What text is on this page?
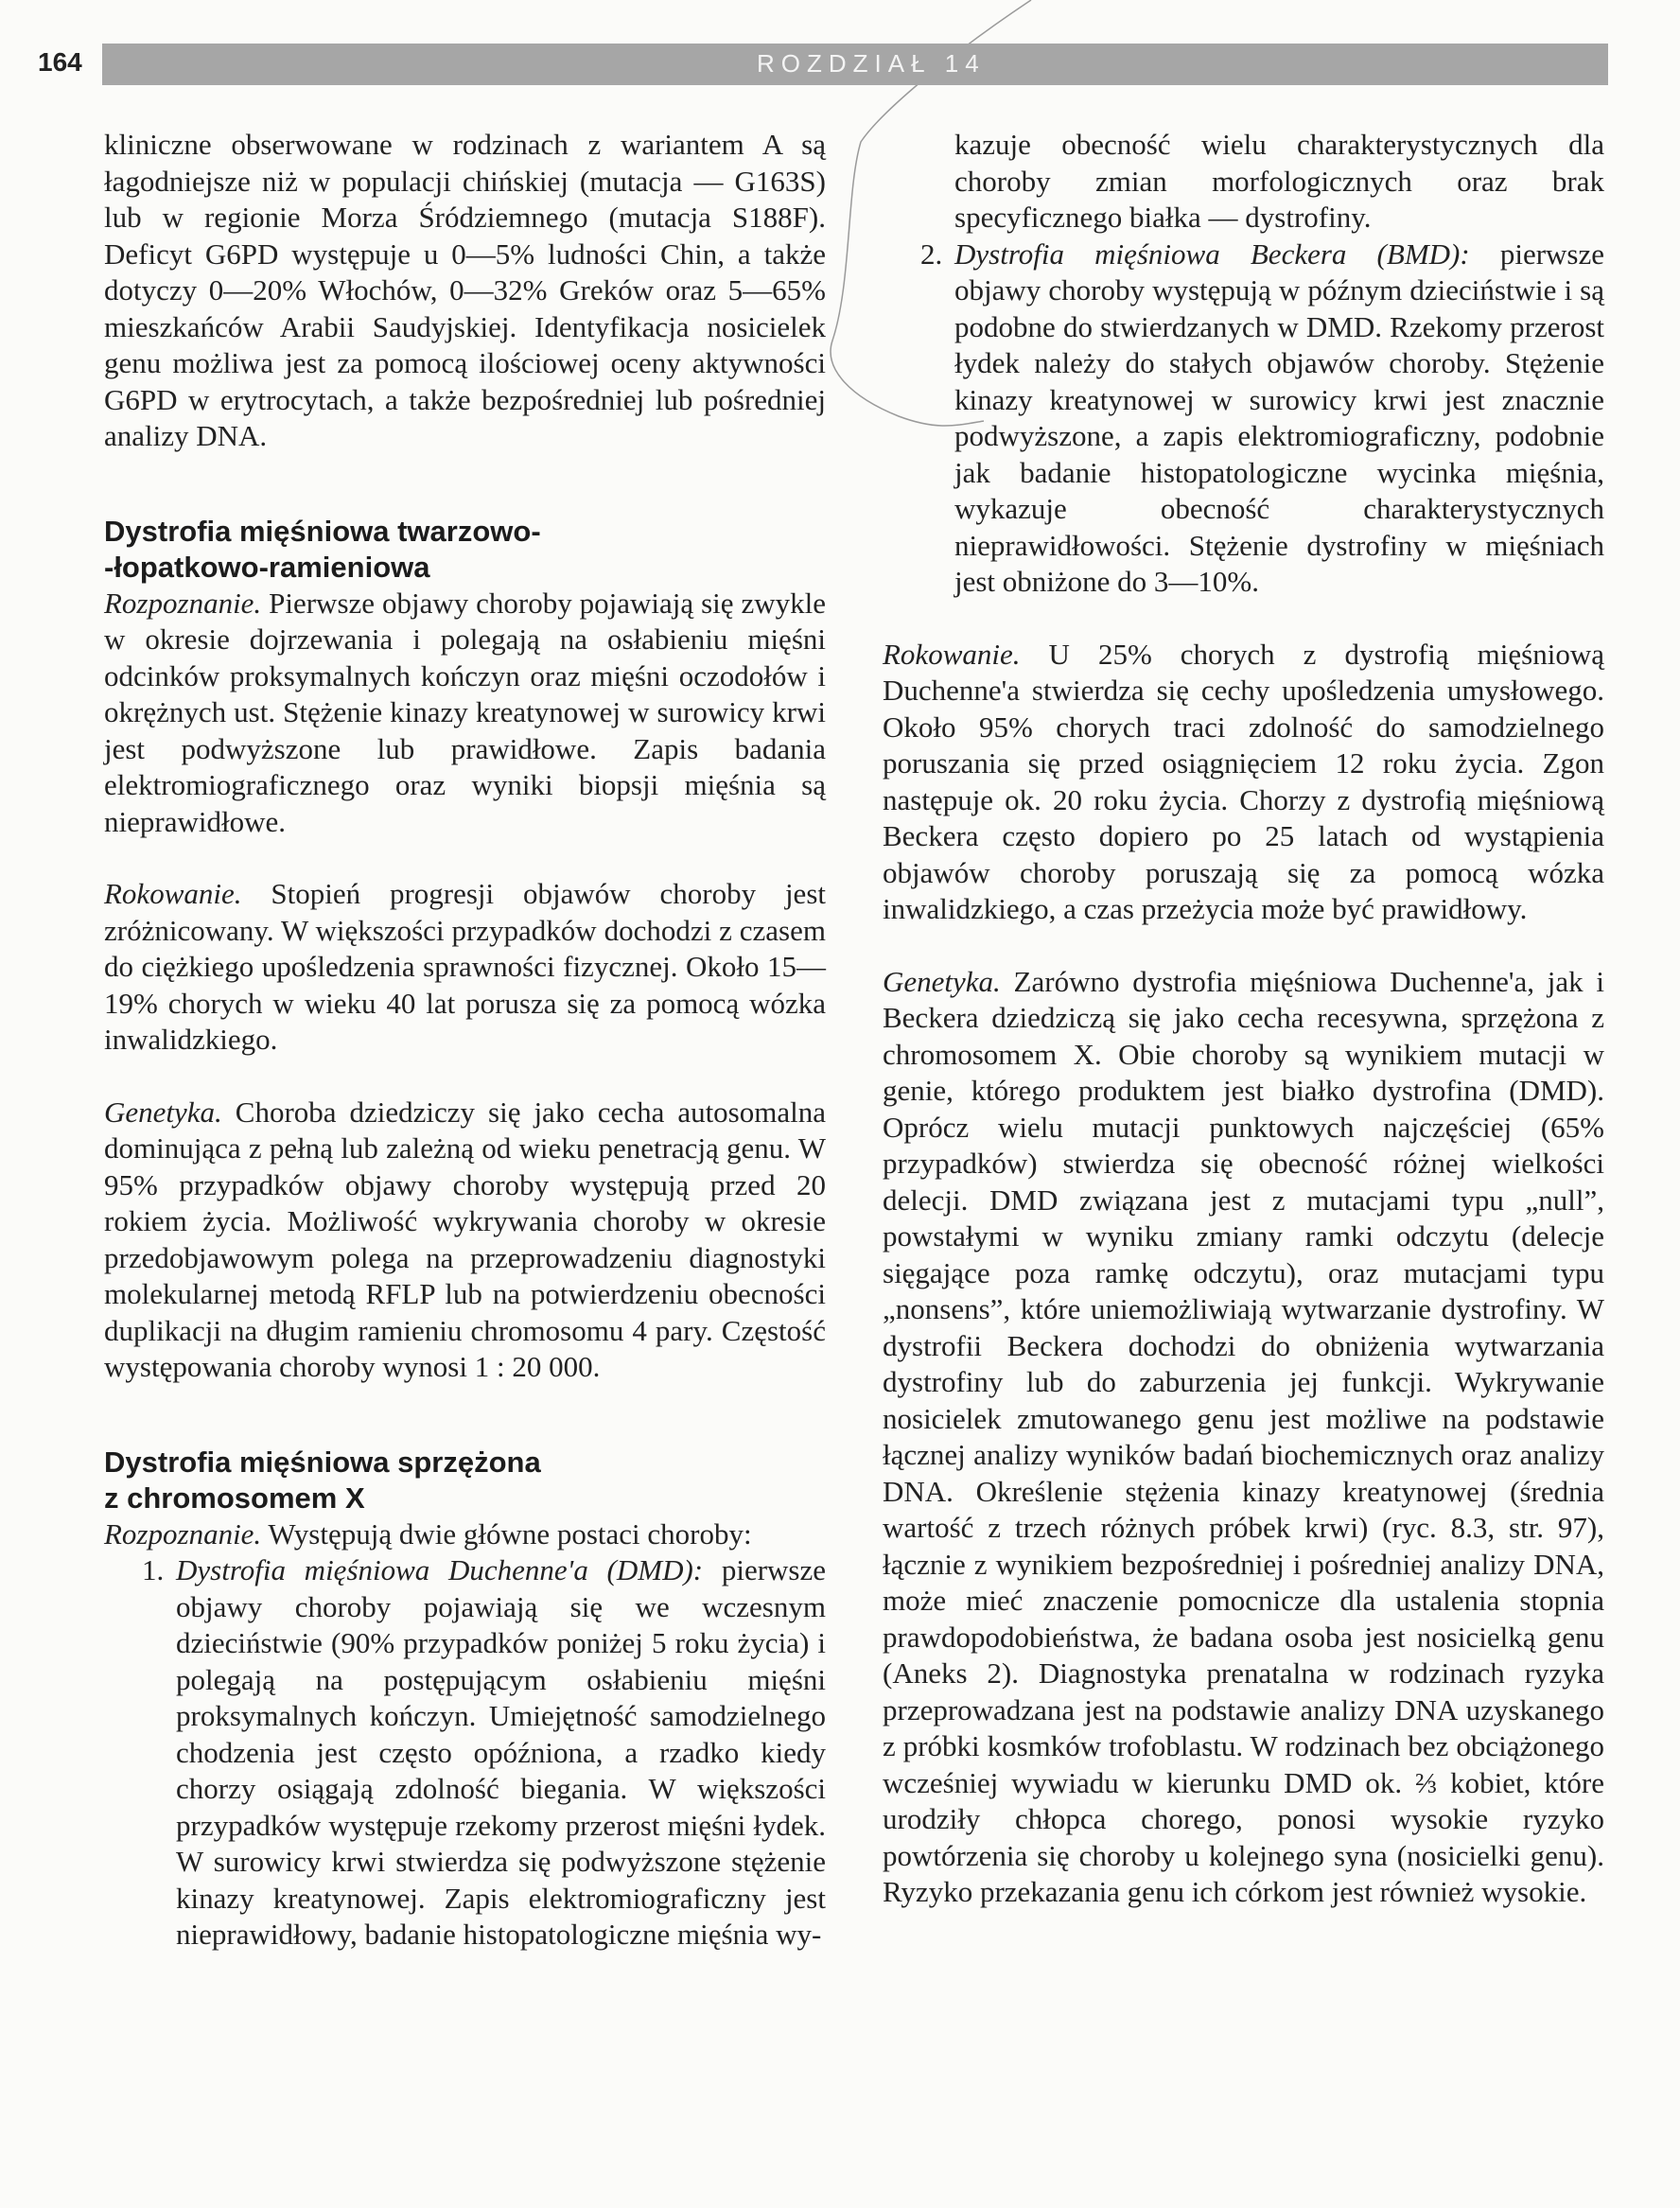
164	ROZDZIAŁ 14

kliniczne obserwowane w rodzinach z wariantem A są łagodniejsze niż w populacji chińskiej (mutacja — G163S) lub w regionie Morza Śródziemnego (mutacja S188F). Deficyt G6PD występuje u 0—5% ludności Chin, a także dotyczy 0—20% Włochów, 0—32% Greków oraz 5—65% mieszkańców Arabii Saudyjskiej. Identyfikacja nosicielek genu możliwa jest za pomocą ilościowej oceny aktywności G6PD w erytrocytach, a także bezpośredniej lub pośredniej analizy DNA.

Dystrofia mięśniowa twarzowo-
-łopatkowo-ramieniowa

Rozpoznanie. Pierwsze objawy choroby pojawiają się zwykle w okresie dojrzewania i polegają na osłabieniu mięśni odcinków proksymalnych kończyn oraz mięśni oczodołów i okrężnych ust. Stężenie kinazy kreatynowej w surowicy krwi jest podwyższone lub prawidłowe. Zapis badania elektromiograficznego oraz wyniki biopsji mięśnia są nieprawidłowe.

Rokowanie. Stopień progresji objawów choroby jest zróżnicowany. W większości przypadków dochodzi z czasem do ciężkiego upośledzenia sprawności fizycznej. Około 15—19% chorych w wieku 40 lat porusza się za pomocą wózka inwalidzkiego.

Genetyka. Choroba dziedziczy się jako cecha autosomalna dominująca z pełną lub zależną od wieku penetracją genu. W 95% przypadków objawy choroby występują przed 20 rokiem życia. Możliwość wykrywania choroby w okresie przedobjawowym polega na przeprowadzeniu diagnostyki molekularnej metodą RFLP lub na potwierdzeniu obecności duplikacji na długim ramieniu chromosomu 4 pary. Częstość występowania choroby wynosi 1 : 20 000.

Dystrofia mięśniowa sprzężona
z chromosomem X

Rozpoznanie. Występują dwie główne postaci choroby:

1. Dystrofia mięśniowa Duchenne'a (DMD): pierwsze objawy choroby pojawiają się we wczesnym dzieciństwie (90% przypadków poniżej 5 roku życia) i polegają na postępującym osłabieniu mięśni proksymalnych kończyn. Umiejętność samodzielnego chodzenia jest często opóźniona, a rzadko kiedy chorzy osiągają zdolność biegania. W większości przypadków występuje rzekomy przerost mięśni łydek. W surowicy krwi stwierdza się podwyższone stężenie kinazy kreatynowej. Zapis elektromiograficzny jest nieprawidłowy, badanie histopatologiczne mięśnia wy-

kazuje obecność wielu charakterystycznych dla choroby zmian morfologicznych oraz brak specyficznego białka — dystrofiny.

2. Dystrofia mięśniowa Beckera (BMD): pierwsze objawy choroby występują w późnym dzieciństwie i są podobne do stwierdzanych w DMD. Rzekomy przerost łydek należy do stałych objawów choroby. Stężenie kinazy kreatynowej w surowicy krwi jest znacznie podwyższone, a zapis elektromiograficzny, podobnie jak badanie histopatologiczne wycinka mięśnia, wykazuje obecność charakterystycznych nieprawidłowości. Stężenie dystrofiny w mięśniach jest obniżone do 3—10%.

Rokowanie. U 25% chorych z dystrofią mięśniową Duchenne'a stwierdza się cechy upośledzenia umysłowego. Około 95% chorych traci zdolność do samodzielnego poruszania się przed osiągnięciem 12 roku życia. Zgon następuje ok. 20 roku życia. Chorzy z dystrofią mięśniową Beckera często dopiero po 25 latach od wystąpienia objawów choroby poruszają się za pomocą wózka inwalidzkiego, a czas przeżycia może być prawidłowy.

Genetyka. Zarówno dystrofia mięśniowa Duchenne'a, jak i Beckera dziedziczą się jako cecha recesywna, sprzężona z chromosomem X. Obie choroby są wynikiem mutacji w genie, którego produktem jest białko dystrofina (DMD). Oprócz wielu mutacji punktowych najczęściej (65% przypadków) stwierdza się obecność różnej wielkości delecji. DMD związana jest z mutacjami typu „null”, powstałymi w wyniku zmiany ramki odczytu (delecje sięgające poza ramkę odczytu), oraz mutacjami typu „nonsens”, które uniemożliwiają wytwarzanie dystrofiny. W dystrofii Beckera dochodzi do obniżenia wytwarzania dystrofiny lub do zaburzenia jej funkcji. Wykrywanie nosicielek zmutowanego genu jest możliwe na podstawie łącznej analizy wyników badań biochemicznych oraz analizy DNA. Określenie stężenia kinazy kreatynowej (średnia wartość z trzech różnych próbek krwi) (ryc. 8.3, str. 97), łącznie z wynikiem bezpośredniej i pośredniej analizy DNA, może mieć znaczenie pomocnicze dla ustalenia stopnia prawdopodobieństwa, że badana osoba jest nosicielką genu (Aneks 2). Diagnostyka prenatalna w rodzinach ryzyka przeprowadzana jest na podstawie analizy DNA uzyskanego z próbki kosmków trofoblastu. W rodzinach bez obciążonego wcześniej wywiadu w kierunku DMD ok. ⅔ kobiet, które urodziły chłopca chorego, ponosi wysokie ryzyko powtórzenia się choroby u kolejnego syna (nosicielki genu). Ryzyko przekazania genu ich córkom jest również wysokie.
